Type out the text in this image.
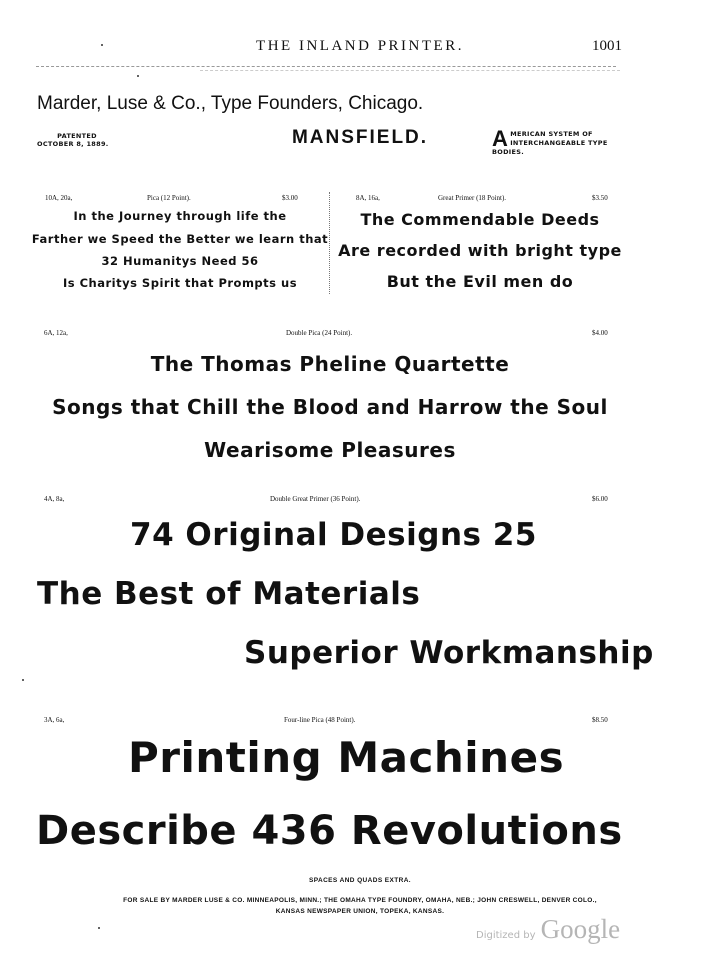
THE INLAND PRINTER.	1001
Marder, Luse & Co., Type Founders, Chicago.
PATENTED
OCTOBER 8, 1889.	MANSFIELD.	A MERICAN SYSTEM OF
INTERCHANGEABLE TYPE BODIES.
10A, 20a,	Pica (12 Point).	$3.00
In the Journey through life the
Farther we Speed the Better we learn that
32 Humanitys Need 56
Is Charitys Spirit that Prompts us
8A, 16a,	Great Primer (18 Point).	$3.50
The Commendable Deeds
Are recorded with bright type
But the Evil men do
6A, 12a,	Double Pica (24 Point).	$4.00
The Thomas Pheline Quartette
Songs that Chill the Blood and Harrow the Soul
Wearisome Pleasures
4A, 8a,	Double Great Primer (36 Point).	$6.00
74 Original Designs 25
The Best of Materials
Superior Workmanship
3A, 6a,	Four-line Pica (48 Point).	$8.50
Printing Machines
Describe 436 Revolutions
SPACES AND QUADS EXTRA.
FOR SALE BY MARDER LUSE & CO. MINNEAPOLIS, MINN.; THE OMAHA TYPE FOUNDRY, OMAHA, NEB.; JOHN CRESWELL, DENVER COLO.,
KANSAS NEWSPAPER UNION, TOPEKA, KANSAS.
Digitized by Google
